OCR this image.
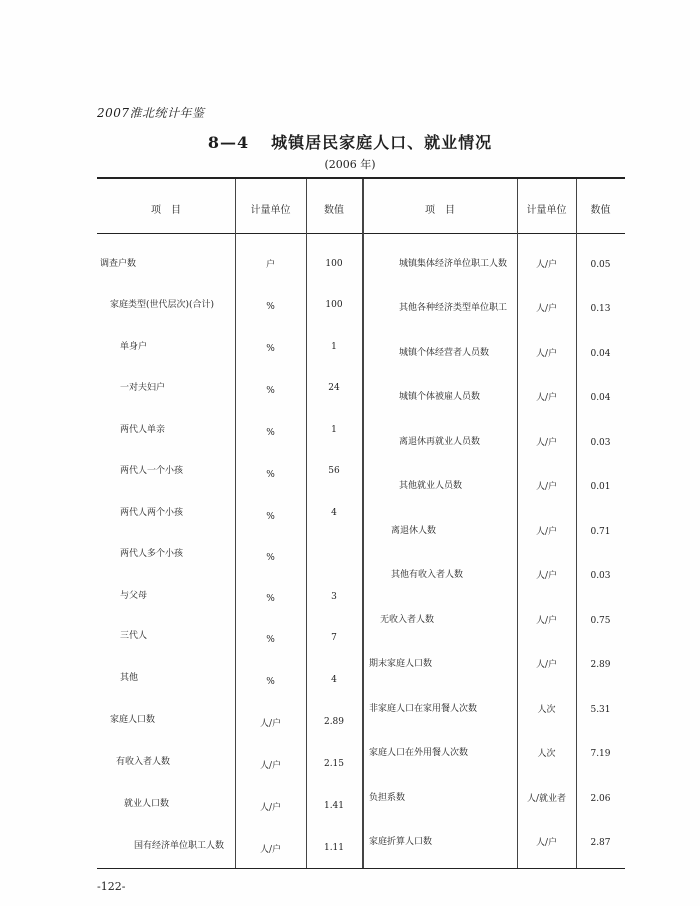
2007淮北统计年鉴
8—4 城镇居民家庭人口、就业情况
(2006 年)
项　目	计量单位	数值	项　目	计量单位	数值
调查户数	户	100
家庭类型(世代层次)(合计)	%	100
单身户	%	1
一对夫妇户	%	24
两代人单亲	%	1
两代人一个小孩	%	56
两代人两个小孩	%	4
两代人多个小孩	%
与父母	%	3
三代人	%	7
其他	%	4
家庭人口数	人/户	2.89
有收入者人数	人/户	2.15
就业人口数	人/户	1.41
国有经济单位职工人数	人/户	1.11
城镇集体经济单位职工人数	人/户	0.05
其他各种经济类型单位职工	人/户	0.13
城镇个体经营者人员数	人/户	0.04
城镇个体被雇人员数	人/户	0.04
离退休再就业人员数	人/户	0.03
其他就业人员数	人/户	0.01
离退休人数	人/户	0.71
其他有收入者人数	人/户	0.03
无收入者人数	人/户	0.75
期末家庭人口数	人/户	2.89
非家庭人口在家用餐人次数	人次	5.31
家庭人口在外用餐人次数	人次	7.19
负担系数	人/就业者	2.06
家庭折算人口数	人/户	2.87
-122-
